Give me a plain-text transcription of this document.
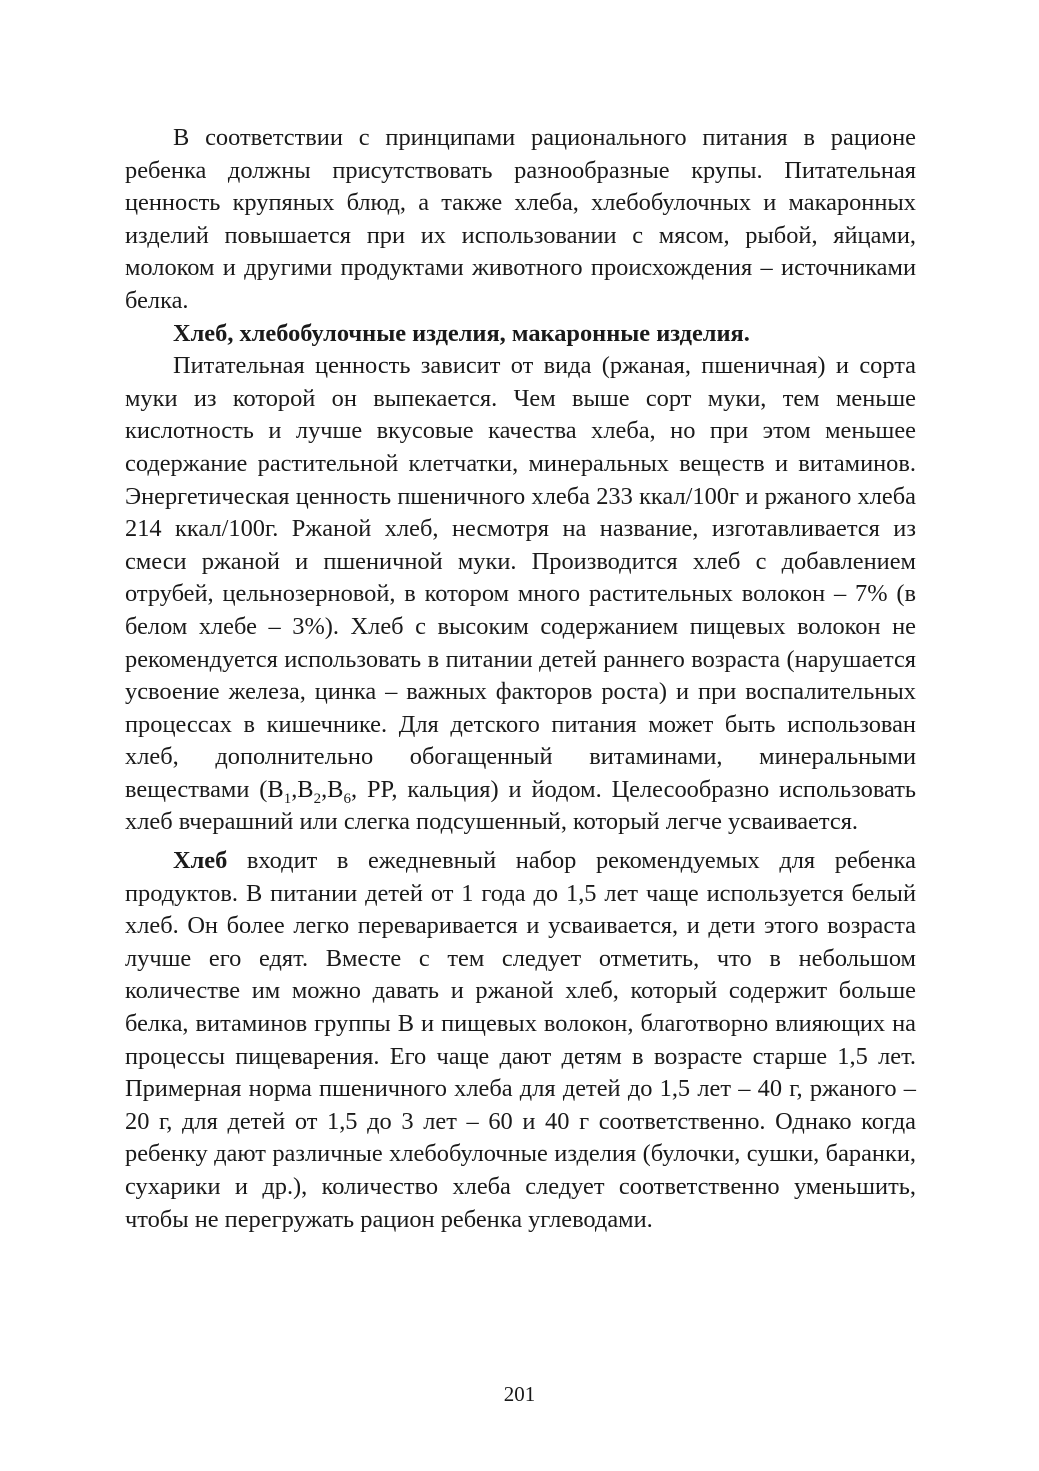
В соответствии с принципами рационального питания в рационе ребенка должны присутствовать разнообразные крупы. Питательная ценность крупяных блюд, а также хлеба, хлебобулочных и макаронных изделий повышается при их использовании с мясом, рыбой, яйцами, молоком и другими продуктами животного происхождения – источниками белка.

Хлеб, хлебобулочные изделия, макаронные изделия.

Питательная ценность зависит от вида (ржаная, пшеничная) и сорта муки из которой он выпекается. Чем выше сорт муки, тем меньше кислотность и лучше вкусовые качества хлеба, но при этом меньшее содержание растительной клетчатки, минеральных веществ и витаминов. Энергетическая ценность пшеничного хлеба 233 ккал/100г и ржаного хлеба 214 ккал/100г. Ржаной хлеб, несмотря на название, изготавливается из смеси ржаной и пшеничной муки. Производится хлеб с добавлением отрубей, цельнозерновой, в котором много растительных волокон – 7% (в белом хлебе – 3%). Хлеб с высоким содержанием пищевых волокон не рекомендуется использовать в питании детей раннего возраста (нарушается усвоение железа, цинка – важных факторов роста) и при воспалительных процессах в кишечнике. Для детского питания может быть использован хлеб, дополнительно обогащенный витаминами, минеральными веществами ($B_1,B_2,B_6$, PP, кальция) и йодом. Целесообразно использовать хлеб вчерашний или слегка подсушенный, который легче усваивается.

Хлеб входит в ежедневный набор рекомендуемых для ребенка продуктов. В питании детей от 1 года до 1,5 лет чаще используется белый хлеб. Он более легко переваривается и усваивается, и дети этого возраста лучше его едят. Вместе с тем следует отметить, что в небольшом количестве им можно давать и ржаной хлеб, который содержит больше белка, витаминов группы В и пищевых волокон, благотворно влияющих на процессы пищеварения. Его чаще дают детям в возрасте старше 1,5 лет. Примерная норма пшеничного хлеба для детей до 1,5 лет – 40 г, ржаного – 20 г, для детей от 1,5 до 3 лет – 60 и 40 г соответственно. Однако когда ребенку дают различные хлебобулочные изделия (булочки, сушки, баранки, сухарики и др.), количество хлеба следует соответственно уменьшить, чтобы не перегружать рацион ребенка углеводами.

201
